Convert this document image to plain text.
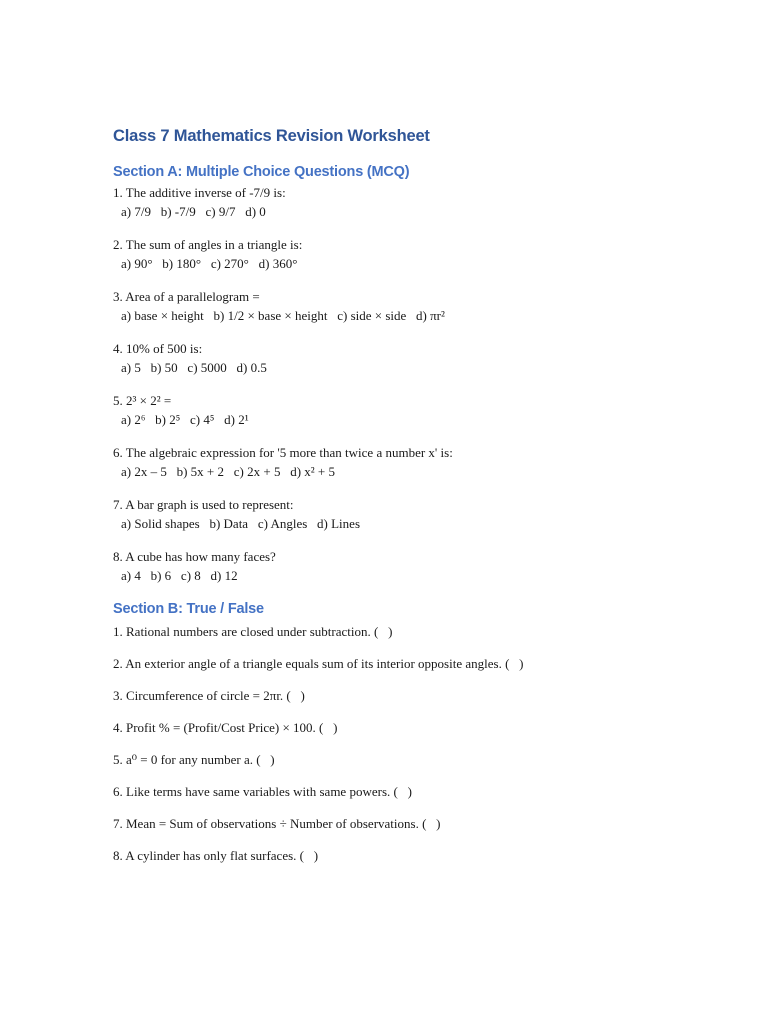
Class 7 Mathematics Revision Worksheet
Section A: Multiple Choice Questions (MCQ)

1. The additive inverse of -7/9 is:

a) 7/9   b) -7/9   c) 9/7   d) 0

2. The sum of angles in a triangle is:

a) 90°   b) 180°   c) 270°   d) 360°

3. Area of a parallelogram =

a) base × height   b) 1/2 × base × height   c) side × side   d) πr²

4. 10% of 500 is:

a) 5   b) 50   c) 5000   d) 0.5

5. 2³ × 2² =

a) 2⁶   b) 2⁵   c) 4⁵   d) 2¹

6. The algebraic expression for '5 more than twice a number x' is:

a) 2x – 5   b) 5x + 2   c) 2x + 5   d) x² + 5

7. A bar graph is used to represent:

a) Solid shapes   b) Data   c) Angles   d) Lines

8. A cube has how many faces?

a) 4   b) 6   c) 8   d) 12

Section B: True / False

1. Rational numbers are closed under subtraction. (   )

2. An exterior angle of a triangle equals sum of its interior opposite angles. (   )

3. Circumference of circle = 2πr. (   )

4. Profit % = (Profit/Cost Price) × 100. (   )

5. a⁰ = 0 for any number a. (   )

6. Like terms have same variables with same powers. (   )

7. Mean = Sum of observations ÷ Number of observations. (   )

8. A cylinder has only flat surfaces. (   )
